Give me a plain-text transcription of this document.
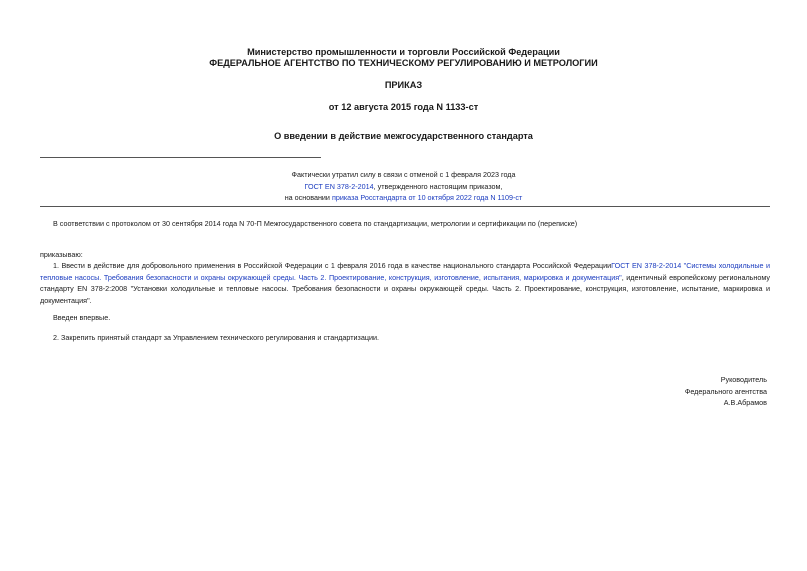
Министерство промышленности и торговли Российской Федерации
ФЕДЕРАЛЬНОЕ АГЕНТСТВО ПО ТЕХНИЧЕСКОМУ РЕГУЛИРОВАНИЮ И МЕТРОЛОГИИ
ПРИКАЗ
от 12 августа 2015 года N 1133-ст
О введении в действие межгосударственного стандарта
Фактически утратил силу в связи с отменой с 1 февраля 2023 года
ГОСТ EN 378-2-2014, утвержденного настоящим приказом,
на основании приказа Росстандарта от 10 октября 2022 года N 1109-ст
В соответствии с протоколом от 30 сентября 2014 года N 70-П Межгосударственного совета по стандартизации, метрологии и сертификации по (переписке)
приказываю:
1. Ввести в действие для добровольного применения в Российской Федерации с 1 февраля 2016 года в качестве национального стандарта Российской ФедерацииГОСТ EN 378-2-2014 "Системы холодильные и тепловые насосы. Требования безопасности и охраны окружающей среды. Часть 2. Проектирование, конструкция, изготовление, испытания, маркировка и документация", идентичный европейскому региональному стандарту EN 378-2:2008 "Установки холодильные и тепловые насосы. Требования безопасности и охраны окружающей среды. Часть 2. Проектирование, конструкция, изготовление, испытание, маркировка и документация".
Введен впервые.
2. Закрепить принятый стандарт за Управлением технического регулирования и стандартизации.
Руководитель
Федерального агентства
А.В.Абрамов
